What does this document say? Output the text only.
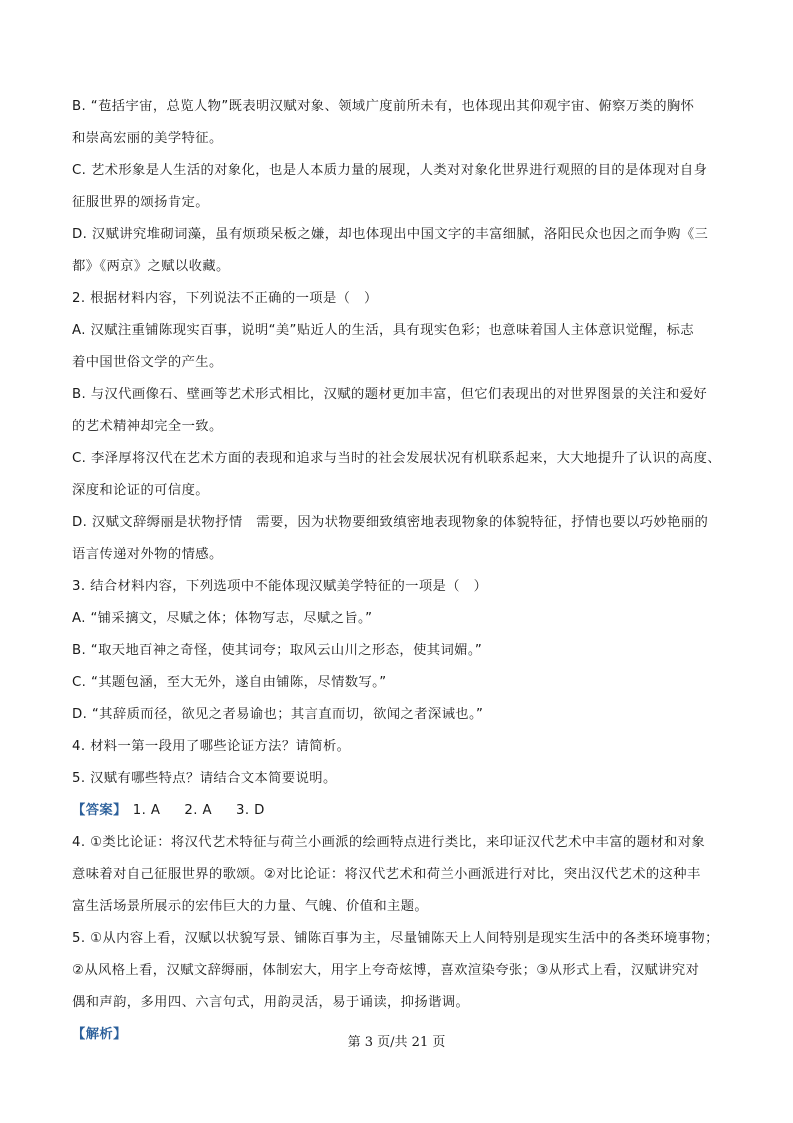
B. “苞括宇宙，总览人物”既表明汉赋对象、领域广度前所未有，也体现出其仰观宇宙、俯察万类的胸怀

和崇高宏丽的美学特征。

C. 艺术形象是人生活的对象化，也是人本质力量的展现，人类对对象化世界进行观照的目的是体现对自身

征服世界的颂扬肯定。

D. 汉赋讲究堆砌词藻，虽有烦琐呆板之嫌，却也体现出中国文字的丰富细腻，洛阳民众也因之而争购《三

都》《两京》之赋以收藏。

2. 根据材料内容，下列说法不正确的一项是（　）

A. 汉赋注重铺陈现实百事，说明“美”贴近人的生活，具有现实色彩；也意味着国人主体意识觉醒，标志

着中国世俗文学的产生。

B. 与汉代画像石、壁画等艺术形式相比，汉赋的题材更加丰富，但它们表现出的对世界图景的关注和爱好

的艺术精神却完全一致。

C. 李泽厚将汉代在艺术方面的表现和追求与当时的社会发展状况有机联系起来，大大地提升了认识的高度、

深度和论证的可信度。

D. 汉赋文辞缛丽是状物抒情　需要，因为状物要细致缜密地表现物象的体貌特征，抒情也要以巧妙艳丽的

语言传递对外物的情感。

3. 结合材料内容，下列选项中不能体现汉赋美学特征的一项是（　）

A. “铺采摛文，尽赋之体；体物写志，尽赋之旨。”

B. “取天地百神之奇怪，使其词夸；取风云山川之形态，使其词媚。”

C. “其题包涵，至大无外，遂自由铺陈，尽情数写。”

D. “其辞质而径，欲见之者易谕也；其言直而切，欲闻之者深诫也。”

4. 材料一第一段用了哪些论证方法？请简析。

5. 汉赋有哪些特点？请结合文本简要说明。

【答案】 1. A 2. A 3. D

4. ①类比论证：将汉代艺术特征与荷兰小画派的绘画特点进行类比，来印证汉代艺术中丰富的题材和对象

意味着对自己征服世界的歌颂。②对比论证：将汉代艺术和荷兰小画派进行对比，突出汉代艺术的这种丰

富生活场景所展示的宏伟巨大的力量、气魄、价值和主题。

5. ①从内容上看，汉赋以状貌写景、铺陈百事为主，尽量铺陈天上人间特别是现实生活中的各类环境事物；

②从风格上看，汉赋文辞缛丽，体制宏大，用字上夸奇炫博，喜欢渲染夸张；③从形式上看，汉赋讲究对

偶和声韵，多用四、六言句式，用韵灵活，易于诵读，抑扬谐调。

【解析】

第 3 页/共 21 页
